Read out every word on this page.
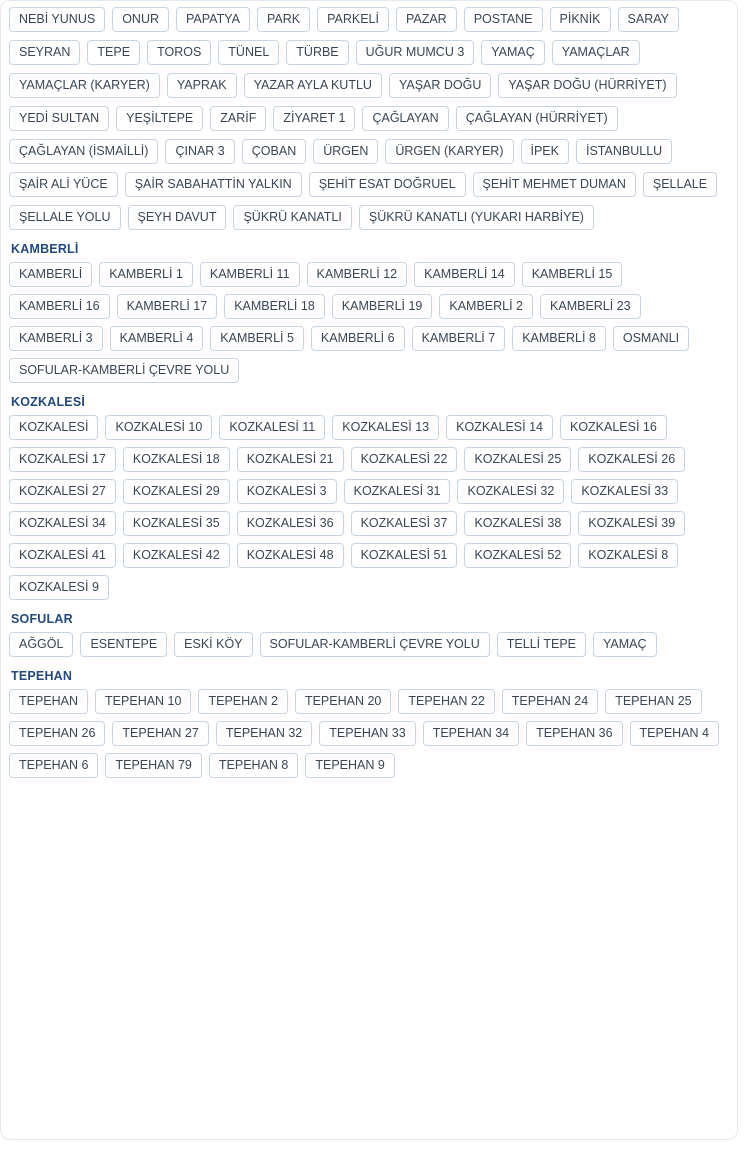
NEBİ YUNUS	ONUR	PAPATYA	PARK	PARKELİ	PAZAR	POSTANE	PİKNİK	SARAY
SEYRAN	TEPE	TOROS	TÜNEL	TÜRBE	UĞUR MUMCU 3	YAMAÇ	YAMAÇLAR
YAMAÇLAR (KARYER)	YAPRAK	YAZAR AYLA KUTLU	YAŞAR DOĞU	YAŞAR DOĞU (HÜRRİYET)
YEDİ SULTAN	YEŞİLTEPE	ZARİF	ZİYARET 1	ÇAĞLAYAN	ÇAĞLAYAN (HÜRRİYET)
ÇAĞLAYAN (İSMAİLLİ)	ÇINAR 3	ÇOBAN	ÜRGEN	ÜRGEN (KARYER)	İPEK	İSTANBULLU
ŞAİR ALİ YÜCE	ŞAİR SABAHATTİN YALKIN	ŞEHİT ESAT DOĞRUEL	ŞEHİT MEHMET DUMAN	ŞELLALE
ŞELLALE YOLU	ŞEYH DAVUT	ŞÜKRÜ KANATLI	ŞÜKRÜ KANATLI (YUKARI HARBİYE)
KAMBERLİ
KAMBERLİ	KAMBERLİ 1	KAMBERLİ 11	KAMBERLİ 12	KAMBERLİ 14	KAMBERLİ 15
KAMBERLİ 16	KAMBERLİ 17	KAMBERLİ 18	KAMBERLİ 19	KAMBERLİ 2	KAMBERLİ 23
KAMBERLİ 3	KAMBERLİ 4	KAMBERLİ 5	KAMBERLİ 6	KAMBERLİ 7	KAMBERLİ 8	OSMANLI
SOFULAR-KAMBERLİ ÇEVRE YOLU
KOZKALESİ
KOZKALESİ	KOZKALESİ 10	KOZKALESİ 11	KOZKALESİ 13	KOZKALESİ 14	KOZKALESİ 16
KOZKALESİ 17	KOZKALESİ 18	KOZKALESİ 21	KOZKALESİ 22	KOZKALESİ 25	KOZKALESİ 26
KOZKALESİ 27	KOZKALESİ 29	KOZKALESİ 3	KOZKALESİ 31	KOZKALESİ 32	KOZKALESİ 33
KOZKALESİ 34	KOZKALESİ 35	KOZKALESİ 36	KOZKALESİ 37	KOZKALESİ 38	KOZKALESİ 39
KOZKALESİ 41	KOZKALESİ 42	KOZKALESİ 48	KOZKALESİ 51	KOZKALESİ 52	KOZKALESİ 8
KOZKALESİ 9
SOFULAR
AĞGÖL	ESENTEPE	ESKİ KÖY	SOFULAR-KAMBERLİ ÇEVRE YOLU	TELLİ TEPE	YAMAÇ
TEPEHAN
TEPEHAN	TEPEHAN 10	TEPEHAN 2	TEPEHAN 20	TEPEHAN 22	TEPEHAN 24	TEPEHAN 25
TEPEHAN 26	TEPEHAN 27	TEPEHAN 32	TEPEHAN 33	TEPEHAN 34	TEPEHAN 36	TEPEHAN 4
TEPEHAN 6	TEPEHAN 79	TEPEHAN 8	TEPEHAN 9
